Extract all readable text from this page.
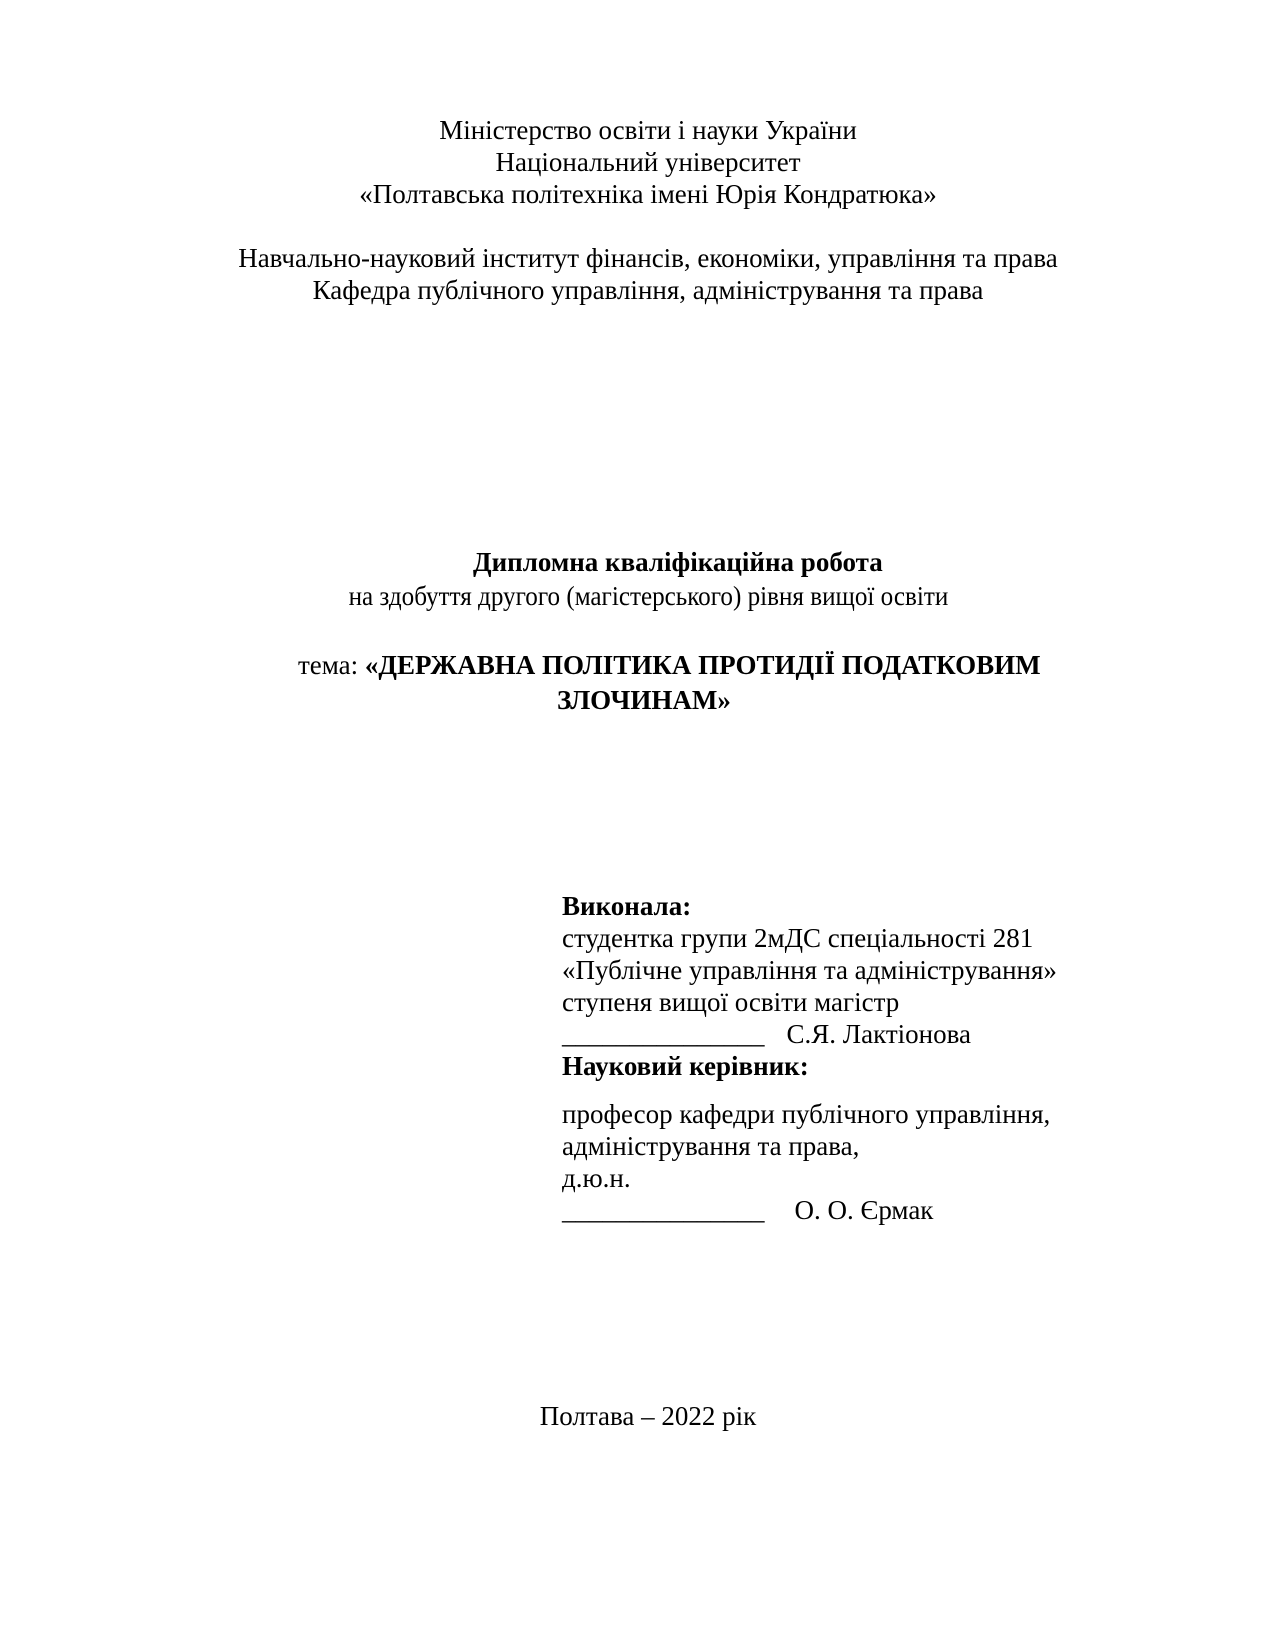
Міністерство освіти і науки України
Національний університет
«Полтавська політехніка імені Юрія Кондратюка»
Навчально-науковий інститут фінансів, економіки, управління та права
Кафедра публічного управління, адміністрування та права
Дипломна кваліфікаційна робота
на здобуття другого (магістерського) рівня вищої освіти
тема: «ДЕРЖАВНА ПОЛІТИКА ПРОТИДІЇ ПОДАТКОВИМ
ЗЛОЧИНАМ»
Виконала:
студентка групи 2мДС спеціальності 281
«Публічне управління та адміністрування»
ступеня вищої освіти магістр
_______________ С.Я. Лактіонова
Науковий керівник:
професор кафедри публічного управління,
адміністрування та права,
д.ю.н.
_______________ О. О. Єрмак
Полтава – 2022 рік
